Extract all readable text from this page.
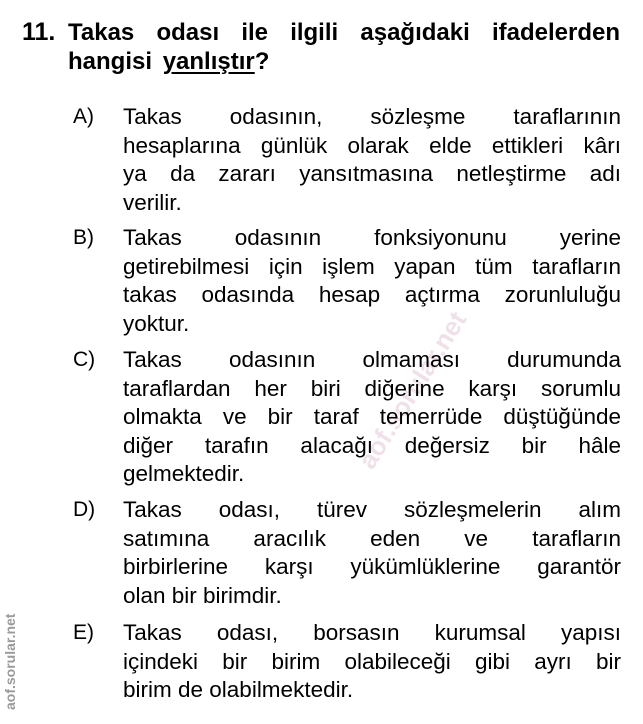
aof.sorular.net
aof.sorular.net
11. Takas odası ile ilgili aşağıdaki ifadelerden
hangisi yanlıştır?
A) Takas odasının, sözleşme taraflarının
hesaplarına günlük olarak elde ettikleri kârı
ya da zararı yansıtmasına netleştirme adı
verilir.
B) Takas odasının fonksiyonunu yerine
getirebilmesi için işlem yapan tüm tarafların
takas odasında hesap açtırma zorunluluğu
yoktur.
C) Takas odasının olmaması durumunda
taraflardan her biri diğerine karşı sorumlu
olmakta ve bir taraf temerrüde düştüğünde
diğer tarafın alacağı değersiz bir hâle
gelmektedir.
D) Takas odası, türev sözleşmelerin alım
satımına aracılık eden ve tarafların
birbirlerine karşı yükümlüklerine garantör
olan bir birimdir.
E) Takas odası, borsasın kurumsal yapısı
içindeki bir birim olabileceği gibi ayrı bir
birim de olabilmektedir.
